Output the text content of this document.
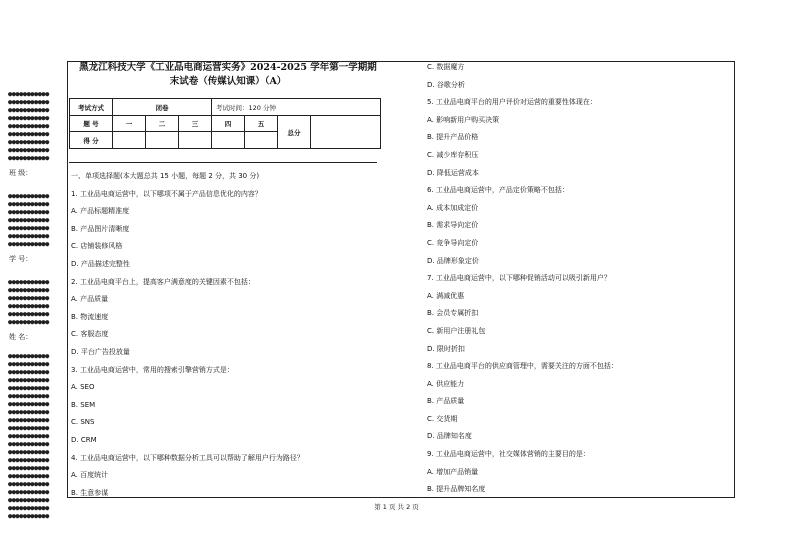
●●●●●●●●●●●
●●●●●●●●●●●
●●●●●●●●●●●
●●●●●●●●●●●
●●●●●●●●●●●
●●●●●●●●●●●
●●●●●●●●●●●
●●●●●●●●●●●
●●●●●●●●●●●
班 级：
●●●●●●●●●●●
●●●●●●●●●●●
●●●●●●●●●●●
●●●●●●●●●●●
●●●●●●●●●●●
●●●●●●●●●●●
●●●●●●●●●●●
学 号：
●●●●●●●●●●●
●●●●●●●●●●●
●●●●●●●●●●●
●●●●●●●●●●●
●●●●●●●●●●●
●●●●●●●●●●●
姓 名：
●●●●●●●●●●●
●●●●●●●●●●●
●●●●●●●●●●●
●●●●●●●●●●●
●●●●●●●●●●●
●●●●●●●●●●●
●●●●●●●●●●●
●●●●●●●●●●●
●●●●●●●●●●●
●●●●●●●●●●●
●●●●●●●●●●●
●●●●●●●●●●●
●●●●●●●●●●●
●●●●●●●●●●●
●●●●●●●●●●●
●●●●●●●●●●●
●●●●●●●●●●●
●●●●●●●●●●●
●●●●●●●●●●●
●●●●●●●●●●●
●●●●●●●●●●●
黑龙江科技大学《工业品电商运营实务》2024-2025 学年第一学期期
末试卷（传媒认知课）（A）
考试方式	闭卷			考试时间：120 分钟			
题 号	一	二	三	四	五	总分	
得 分							
一、单项选择题(本大题总共 15 小题，每题 2 分，共 30 分)
1. 工业品电商运营中，以下哪项不属于产品信息优化的内容？
A. 产品标题精准度
B. 产品图片清晰度
C. 店铺装修风格
D. 产品描述完整性
2. 工业品电商平台上，提高客户满意度的关键因素不包括：
A. 产品质量
B. 物流速度
C. 客服态度
D. 平台广告投放量
3. 工业品电商运营中，常用的搜索引擎营销方式是：
A. SEO
B. SEM
C. SNS
D. CRM
4. 工业品电商运营中，以下哪种数据分析工具可以帮助了解用户行为路径？
A. 百度统计
B. 生意参谋
C. 数据魔方
D. 谷歌分析
5. 工业品电商平台的用户评价对运营的重要性体现在：
A. 影响新用户购买决策
B. 提升产品价格
C. 减少库存积压
D. 降低运营成本
6. 工业品电商运营中，产品定价策略不包括：
A. 成本加成定价
B. 需求导向定价
C. 竞争导向定价
D. 品牌形象定价
7. 工业品电商运营中，以下哪种促销活动可以吸引新用户？
A. 满减优惠
B. 会员专属折扣
C. 新用户注册礼包
D. 限时折扣
8. 工业品电商平台的供应商管理中，需要关注的方面不包括：
A. 供应能力
B. 产品质量
C. 交货期
D. 品牌知名度
9. 工业品电商运营中，社交媒体营销的主要目的是：
A. 增加产品销量
B. 提升品牌知名度
第 1 页 共 2 页
